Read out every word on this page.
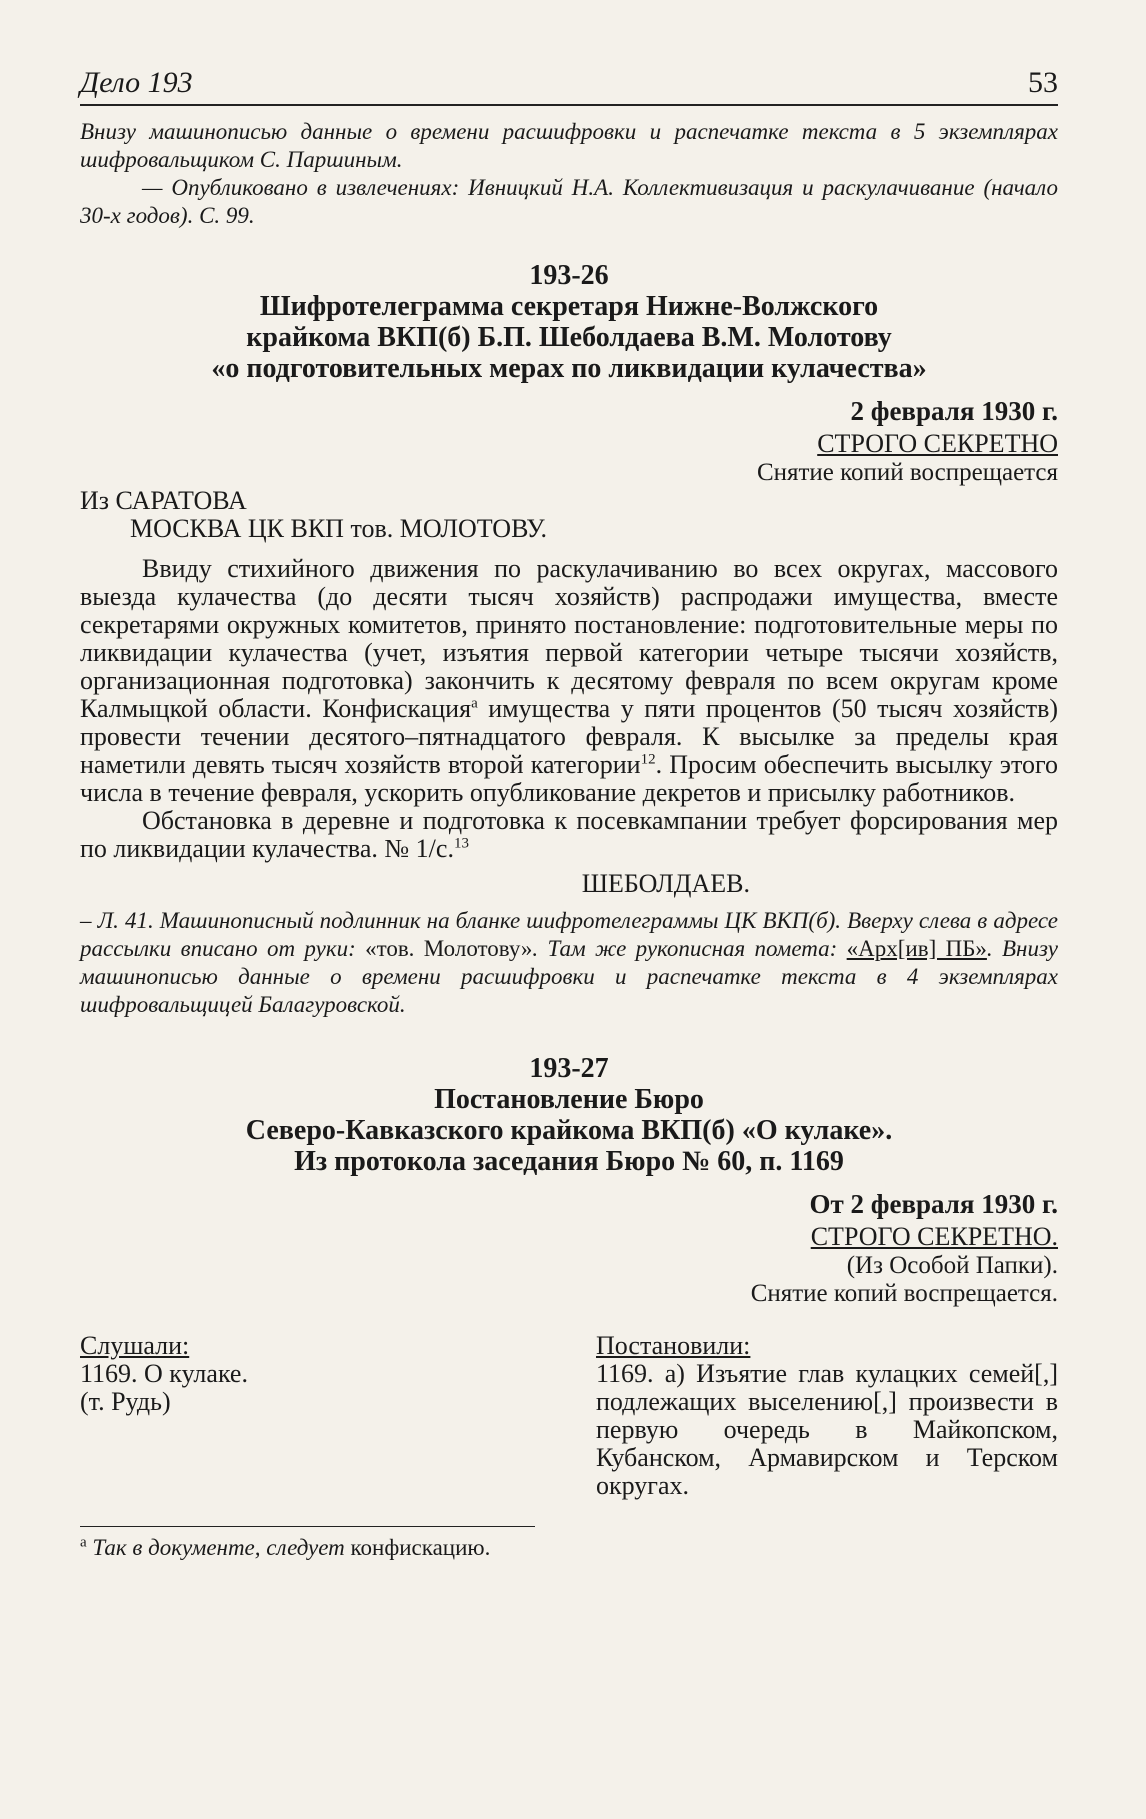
Дело 193	53
Внизу машинописью данные о времени расшифровки и распечатке текста в 5 экземплярах шифровальщиком С. Паршиным.
— Опубликовано в извлечениях: Ивницкий Н.А. Коллективизация и раскулачивание (начало 30-х годов). С. 99.
193-26
Шифротелеграмма секретаря Нижне-Волжского
крайкома ВКП(б) Б.П. Шеболдаева В.М. Молотову
«о подготовительных мерах по ликвидации кулачества»
2 февраля 1930 г.
СТРОГО СЕКРЕТНО
Снятие копий воспрещается
Из САРАТОВА
МОСКВА ЦК ВКП тов. МОЛОТОВУ.
Ввиду стихийного движения по раскулачиванию во всех округах, массового выезда кулачества (до десяти тысяч хозяйств) распродажи имущества, вместе секретарями окружных комитетов, принято постановление: подготовительные меры по ликвидации кулачества (учет, изъятия первой категории четыре тысячи хозяйств, организационная подготовка) закончить к десятому февраля по всем округам кроме Калмыцкой области. Конфискация$^а$ имущества у пяти процентов (50 тысяч хозяйств) провести течении десятого–пятнадцатого февраля. К высылке за пределы края наметили девять тысяч хозяйств второй категории$^{12}$. Просим обеспечить высылку этого числа в течение февраля, ускорить опубликование декретов и присылку работников.
Обстановка в деревне и подготовка к посевкампании требует форсирования мер по ликвидации кулачества. № 1/с.$^{13}$
ШЕБОЛДАЕВ.
– Л. 41. Машинописный подлинник на бланке шифротелеграммы ЦК ВКП(б). Вверху слева в адресе рассылки вписано от руки: «тов. Молотову». Там же рукописная помета: «Арх[ив] ПБ». Внизу машинописью данные о времени расшифровки и распечатке текста в 4 экземплярах шифровальщицей Балагуровской.
193-27
Постановление Бюро
Северо-Кавказского крайкома ВКП(б) «О кулаке».
Из протокола заседания Бюро № 60, п. 1169
От 2 февраля 1930 г.
СТРОГО СЕКРЕТНО.
(Из Особой Папки).
Снятие копий воспрещается.
Слушали:
1169. О кулаке.
(т. Рудь)
Постановили:
1169. а) Изъятие глав кулацких семей[,] подлежащих выселению[,] произвести в первую очередь в Майкопском, Кубанском, Армавирском и Терском округах.
$^а$ Так в документе, следует конфискацию.
